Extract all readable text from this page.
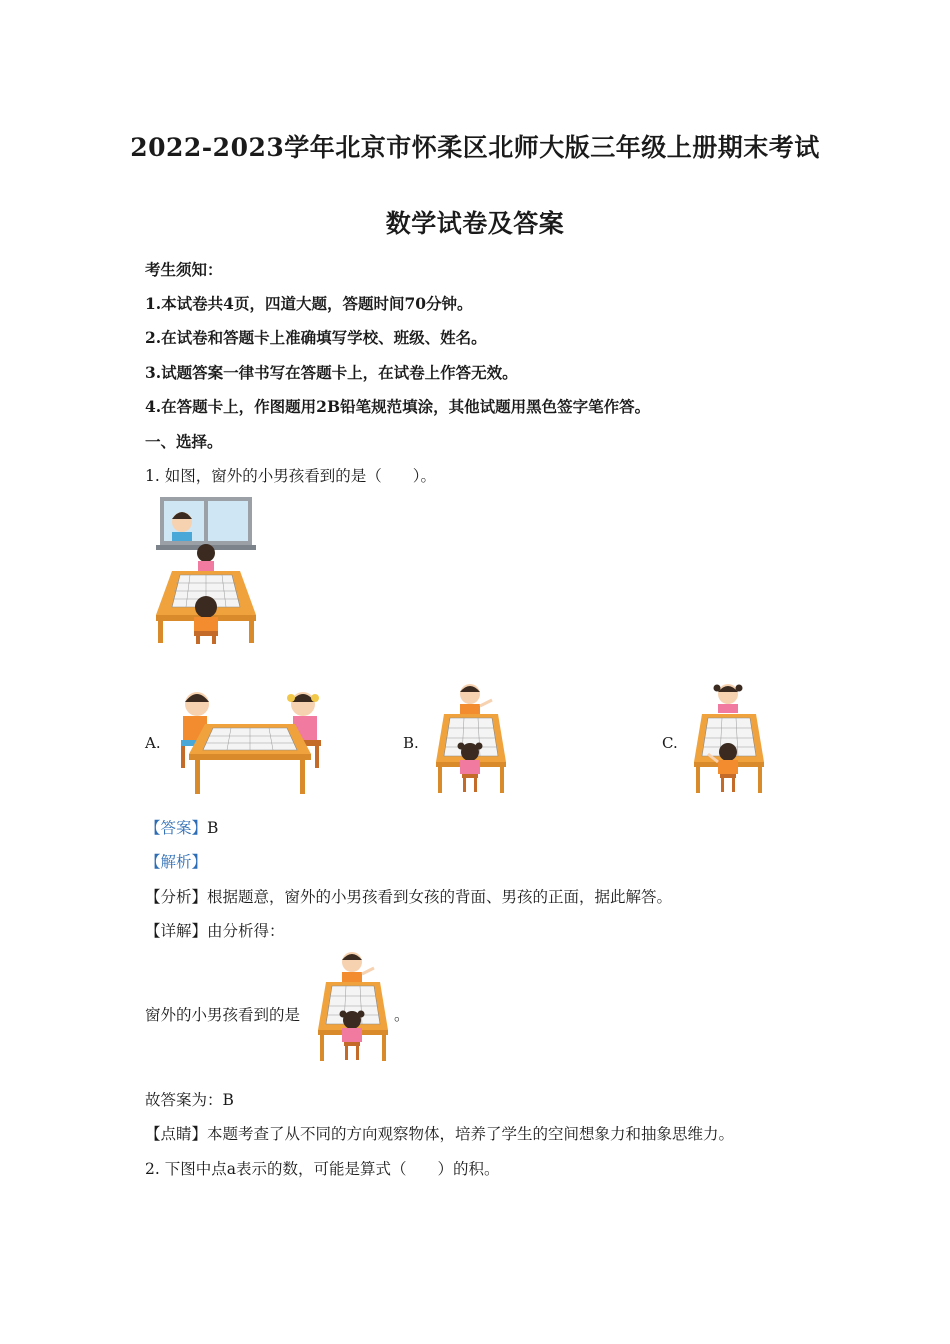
2022-2023学年北京市怀柔区北师大版三年级上册期末考试
数学试卷及答案
考生须知：
1.本试卷共4页，四道大题，答题时间70分钟。
2.在试卷和答题卡上准确填写学校、班级、姓名。
3.试题答案一律书写在答题卡上，在试卷上作答无效。
4.在答题卡上，作图题用2B铅笔规范填涂，其他试题用黑色签字笔作答。
一、选择。
1. 如图，窗外的小男孩看到的是（　　）。
A.	B.	C.
【答案】B
【解析】
【分析】根据题意，窗外的小男孩看到女孩的背面、男孩的正面，据此解答。
【详解】由分析得：
窗外的小男孩看到的是	。
故答案为：B
【点睛】本题考查了从不同的方向观察物体，培养了学生的空间想象力和抽象思维力。
2. 下图中点a表示的数，可能是算式（　　）的积。
